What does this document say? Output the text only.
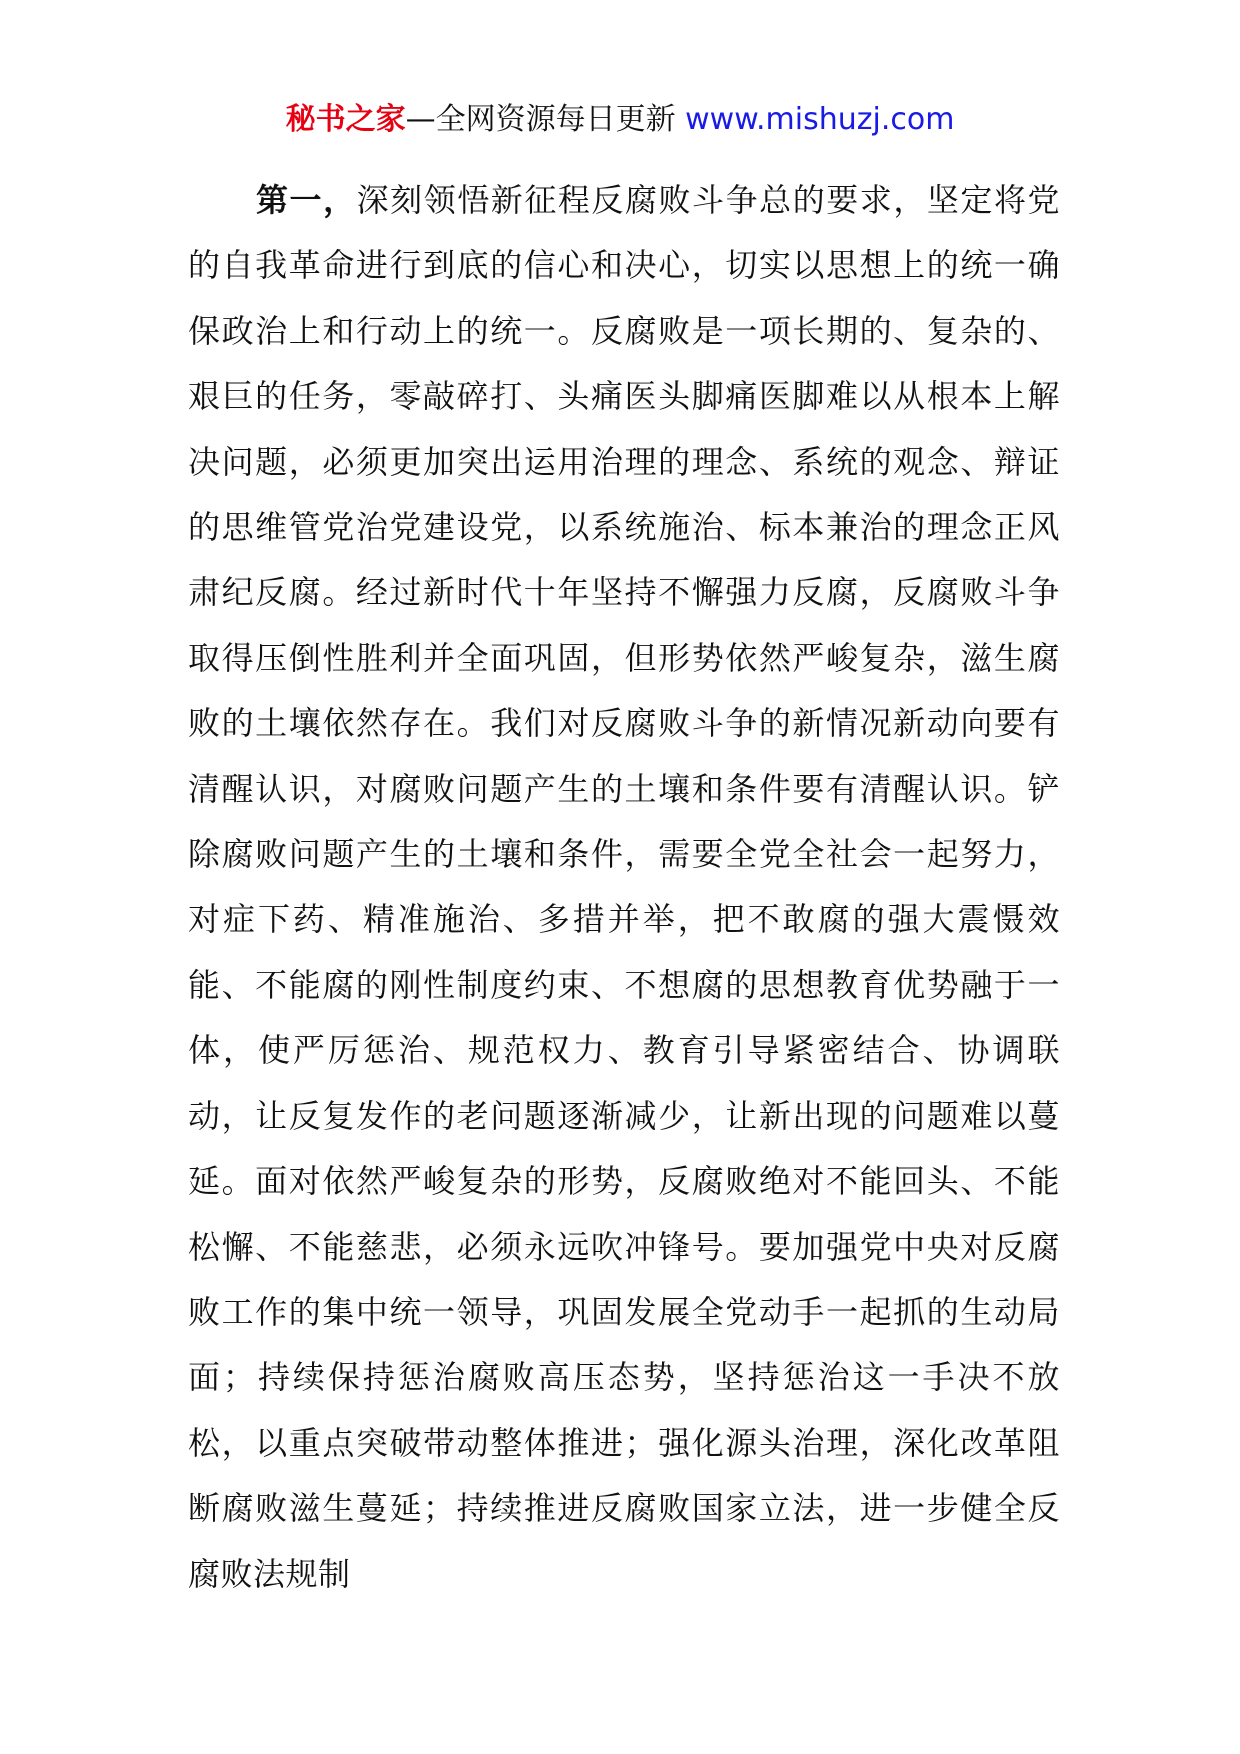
秘书之家—全网资源每日更新 www.mishuzj.com

第一，深刻领悟新征程反腐败斗争总的要求，坚定将党的自我革命进行到底的信心和决心，切实以思想上的统一确保政治上和行动上的统一。反腐败是一项长期的、复杂的、艰巨的任务，零敲碎打、头痛医头脚痛医脚难以从根本上解决问题，必须更加突出运用治理的理念、系统的观念、辩证的思维管党治党建设党，以系统施治、标本兼治的理念正风肃纪反腐。经过新时代十年坚持不懈强力反腐，反腐败斗争取得压倒性胜利并全面巩固，但形势依然严峻复杂，滋生腐败的土壤依然存在。我们对反腐败斗争的新情况新动向要有清醒认识，对腐败问题产生的土壤和条件要有清醒认识。铲除腐败问题产生的土壤和条件，需要全党全社会一起努力，对症下药、精准施治、多措并举，把不敢腐的强大震慑效能、不能腐的刚性制度约束、不想腐的思想教育优势融于一体，使严厉惩治、规范权力、教育引导紧密结合、协调联动，让反复发作的老问题逐渐减少，让新出现的问题难以蔓延。面对依然严峻复杂的形势，反腐败绝对不能回头、不能松懈、不能慈悲，必须永远吹冲锋号。要加强党中央对反腐败工作的集中统一领导，巩固发展全党动手一起抓的生动局面；持续保持惩治腐败高压态势，坚持惩治这一手决不放松，以重点突破带动整体推进；强化源头治理，深化改革阻断腐败滋生蔓延；持续推进反腐败国家立法，进一步健全反腐败法规制
